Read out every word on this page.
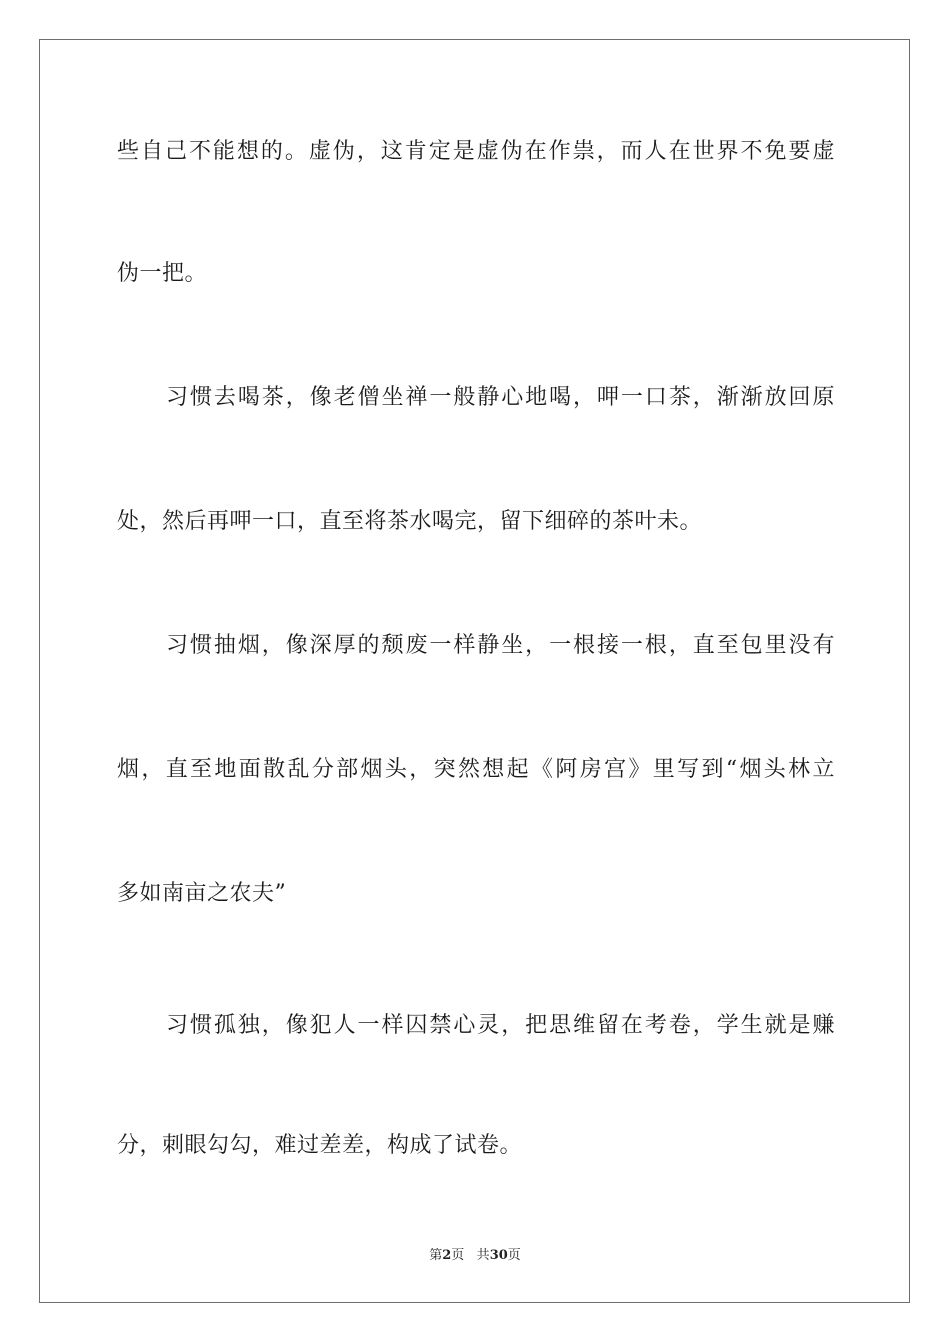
些自己不能想的。虚伪，这肯定是虚伪在作祟，而人在世界不免要虚
伪一把。
习惯去喝茶，像老僧坐禅一般静心地喝，呷一口茶，渐渐放回原
处，然后再呷一口，直至将茶水喝完，留下细碎的茶叶未。
习惯抽烟，像深厚的颓废一样静坐，一根接一根，直至包里没有
烟，直至地面散乱分部烟头，突然想起《阿房宫》里写到“烟头林立
多如南亩之农夫”
习惯孤独，像犯人一样囚禁心灵，把思维留在考卷，学生就是赚
分，刺眼勾勾，难过差差，构成了试卷。
第2页 共30页
